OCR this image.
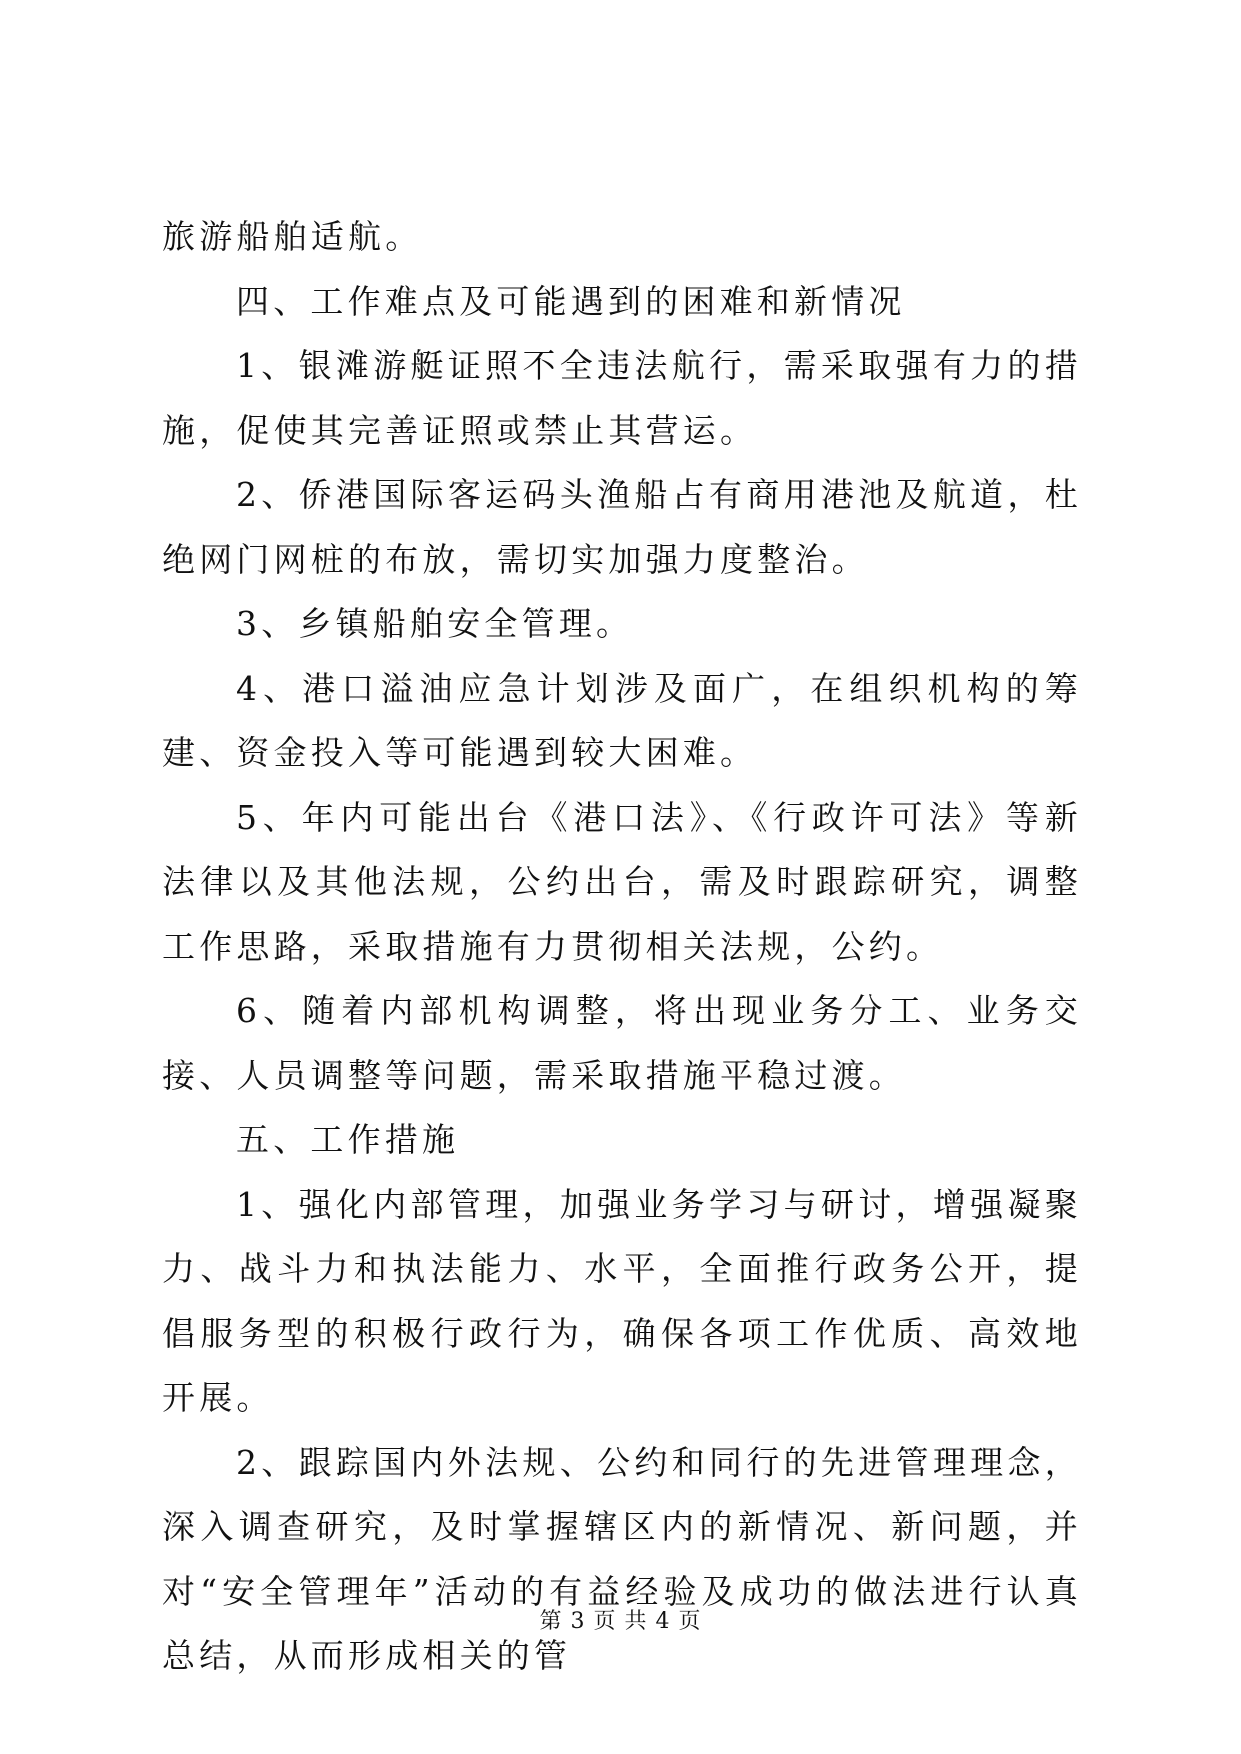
旅游船舶适航。

四、工作难点及可能遇到的困难和新情况

1、银滩游艇证照不全违法航行，需采取强有力的措施，促使其完善证照或禁止其营运。

2、侨港国际客运码头渔船占有商用港池及航道，杜绝网门网桩的布放，需切实加强力度整治。

3、乡镇船舶安全管理。

4、港口溢油应急计划涉及面广，在组织机构的筹建、资金投入等可能遇到较大困难。

5、年内可能出台《港口法》、《行政许可法》等新法律以及其他法规，公约出台，需及时跟踪研究，调整工作思路，采取措施有力贯彻相关法规，公约。

6、随着内部机构调整，将出现业务分工、业务交接、人员调整等问题，需采取措施平稳过渡。

五、工作措施

1、强化内部管理，加强业务学习与研讨，增强凝聚力、战斗力和执法能力、水平，全面推行政务公开，提倡服务型的积极行政行为，确保各项工作优质、高效地开展。

2、跟踪国内外法规、公约和同行的先进管理理念，深入调查研究，及时掌握辖区内的新情况、新问题，并对“安全管理年”活动的有益经验及成功的做法进行认真总结，从而形成相关的管

第 3 页 共 4 页
